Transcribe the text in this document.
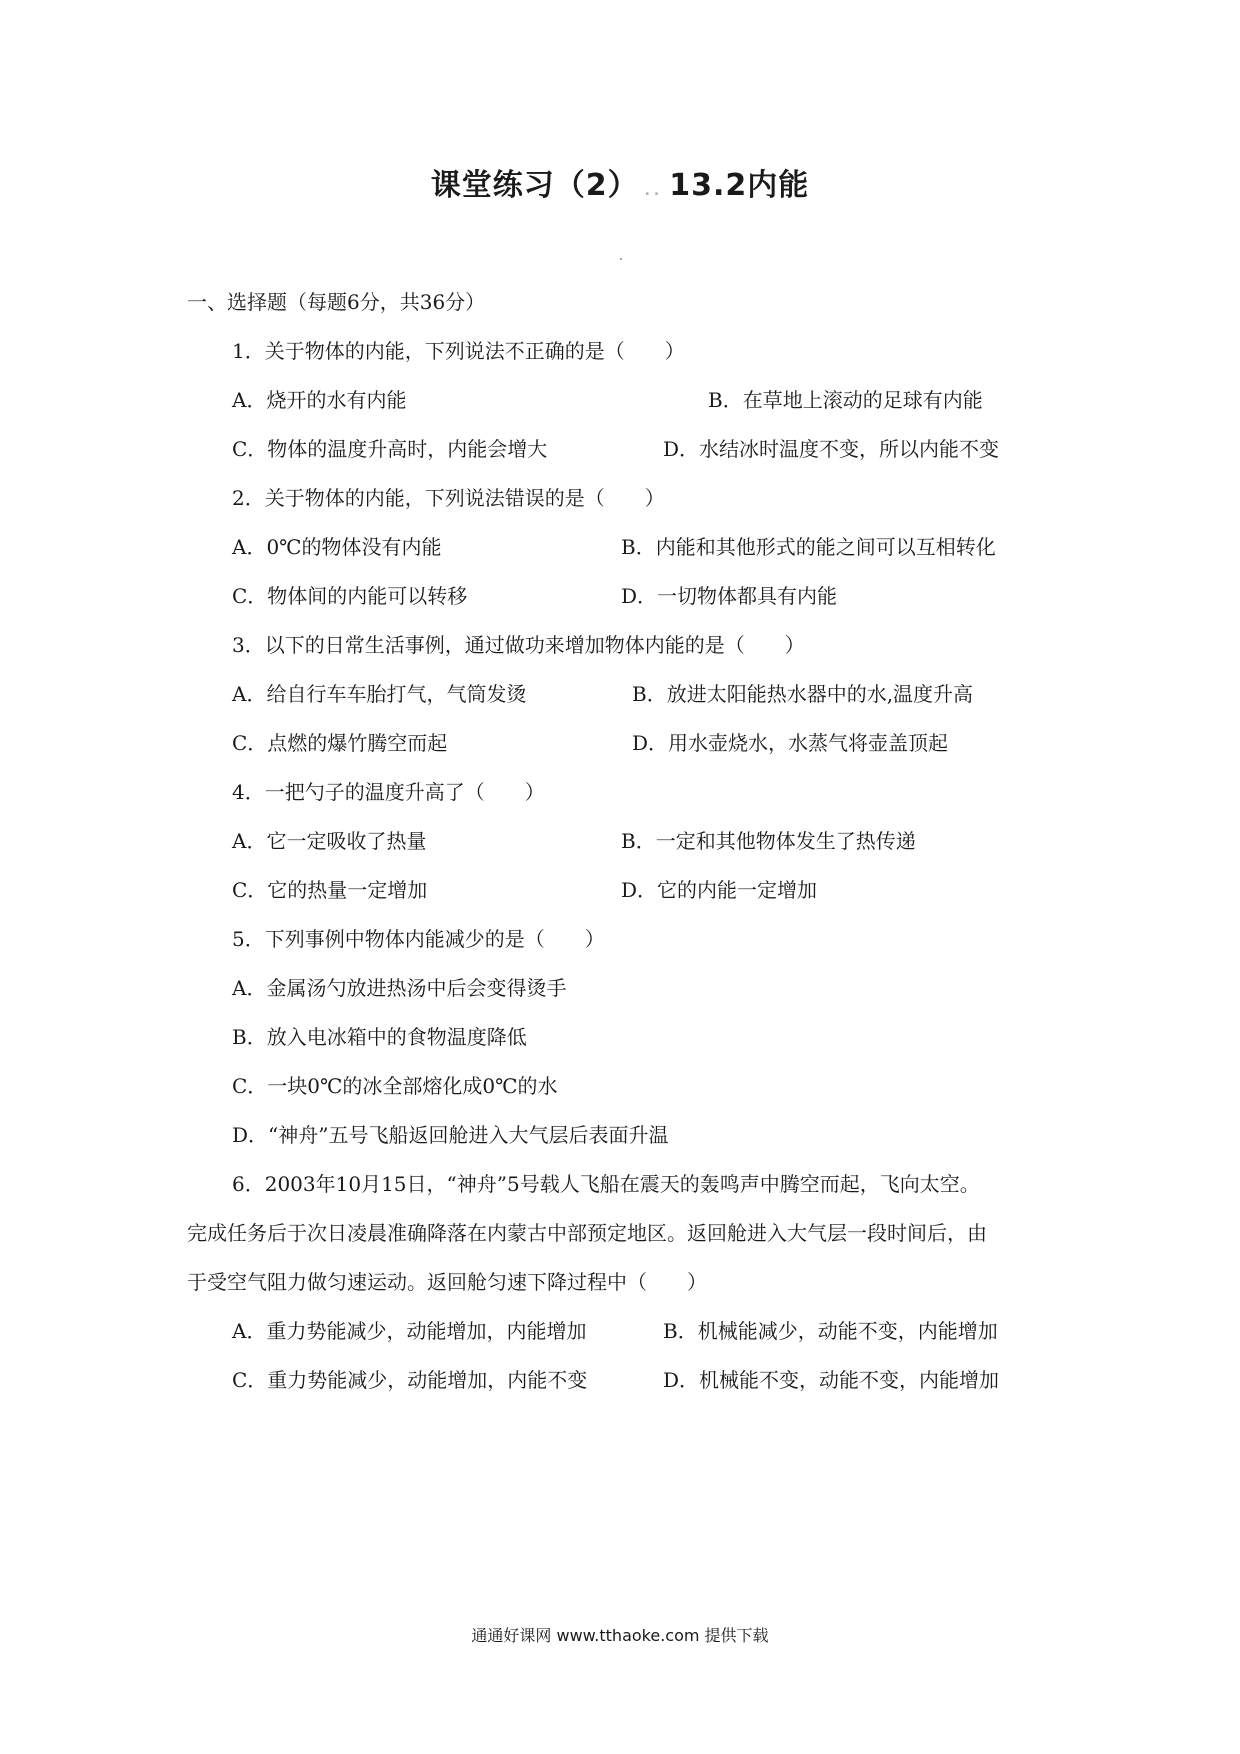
课堂练习（2） .. 13.2内能
一、选择题（每题6分，共36分）
1．关于物体的内能，下列说法不正确的是（　　）
A．烧开的水有内能	B．在草地上滚动的足球有内能
C．物体的温度升高时，内能会增大	D．水结冰时温度不变，所以内能不变
2．关于物体的内能，下列说法错误的是（　　）
A．0℃的物体没有内能	B．内能和其他形式的能之间可以互相转化
C．物体间的内能可以转移	D．一切物体都具有内能
3．以下的日常生活事例，通过做功来增加物体内能的是（　　）
A．给自行车车胎打气，气筒发烫	B．放进太阳能热水器中的水,温度升高
C．点燃的爆竹腾空而起	D．用水壶烧水，水蒸气将壶盖顶起
4．一把勺子的温度升高了（　　）
A．它一定吸收了热量	B．一定和其他物体发生了热传递
C．它的热量一定增加	D．它的内能一定增加
5．下列事例中物体内能减少的是（　　）
A．金属汤勺放进热汤中后会变得烫手
B．放入电冰箱中的食物温度降低
C．一块0℃的冰全部熔化成0℃的水
D．“神舟”五号飞船返回舱进入大气层后表面升温
6．2003年10月15日，“神舟”5号载人飞船在震天的轰鸣声中腾空而起，飞向太空。
完成任务后于次日凌晨准确降落在内蒙古中部预定地区。返回舱进入大气层一段时间后，由
于受空气阻力做匀速运动。返回舱匀速下降过程中（　　）
A．重力势能减少，动能增加，内能增加	B．机械能减少，动能不变，内能增加
C．重力势能减少，动能增加，内能不变	D．机械能不变，动能不变，内能增加
通通好课网 www.tthaoke.com 提供下载
